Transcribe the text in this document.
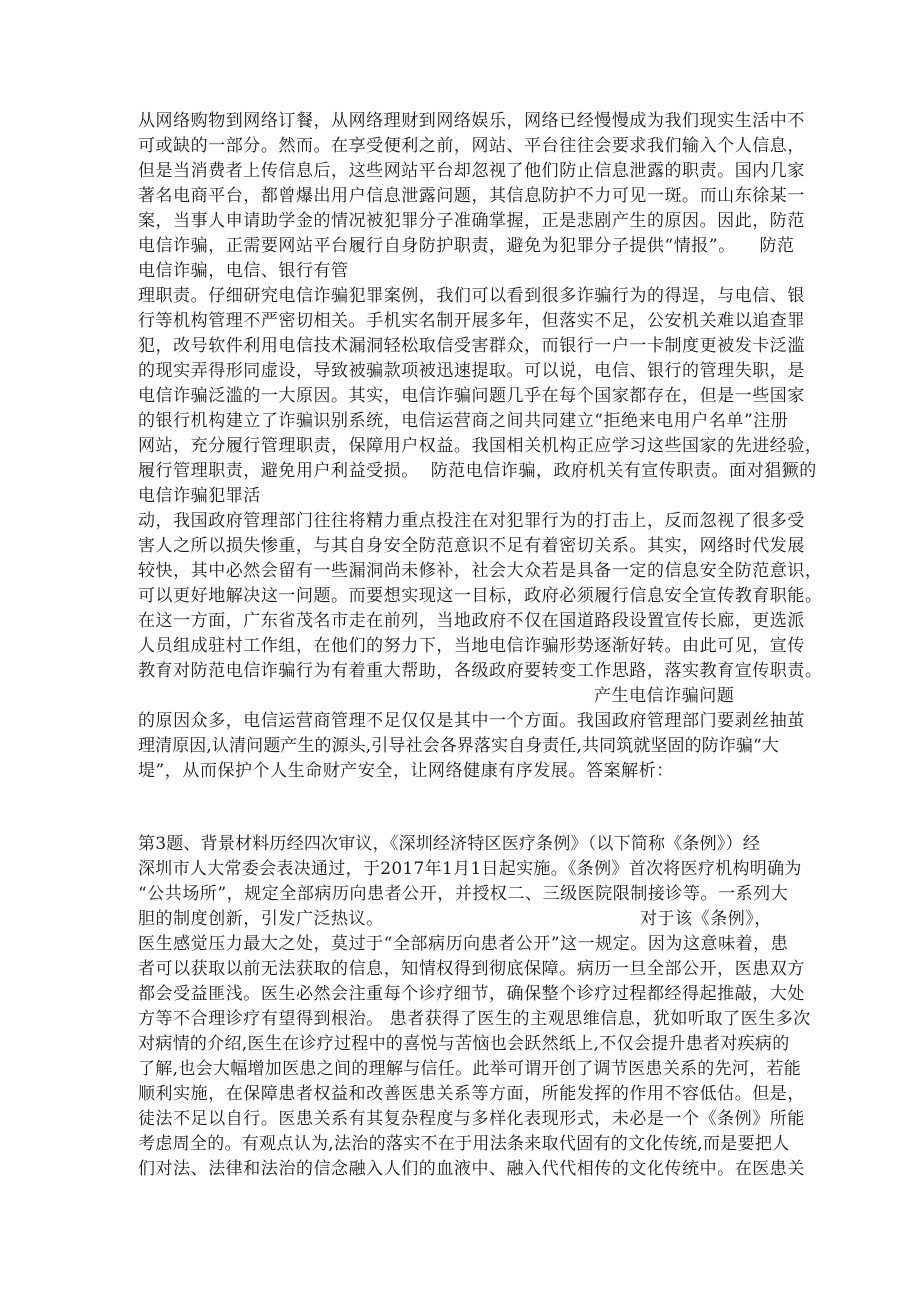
从网络购物到网络订餐，从网络理财到网络娱乐，网络已经慢慢成为我们现实生活中不
可或缺的一部分。然而。在享受便利之前，网站、平台往往会要求我们输入个人信息，
但是当消费者上传信息后，这些网站平台却忽视了他们防止信息泄露的职责。国内几家
著名电商平台，都曾爆出用户信息泄露问题，其信息防护不力可见一斑。而山东徐某一
案，当事人申请助学金的情况被犯罪分子准确掌握，正是悲剧产生的原因。因此，防范
电信诈骗，正需要网站平台履行自身防护职责，避免为犯罪分子提供“情报”。    防范
电信诈骗，电信、银行有管
理职责。仔细研究电信诈骗犯罪案例，我们可以看到很多诈骗行为的得逞，与电信、银
行等机构管理不严密切相关。手机实名制开展多年，但落实不足，公安机关难以追查罪
犯，改号软件利用电信技术漏洞轻松取信受害群众，而银行一户一卡制度更被发卡泛滥
的现实弄得形同虚设，导致被骗款项被迅速提取。可以说，电信、银行的管理失职，是
电信诈骗泛滥的一大原因。其实，电信诈骗问题几乎在每个国家都存在，但是一些国家
的银行机构建立了诈骗识别系统，电信运营商之间共同建立“拒绝来电用户名单”注册
网站，充分履行管理职责，保障用户权益。我国相关机构正应学习这些国家的先进经验，
履行管理职责，避免用户利益受损。  防范电信诈骗，政府机关有宣传职责。面对猖獗的
电信诈骗犯罪活
动，我国政府管理部门往往将精力重点投注在对犯罪行为的打击上，反而忽视了很多受
害人之所以损失惨重，与其自身安全防范意识不足有着密切关系。其实，网络时代发展
较快，其中必然会留有一些漏洞尚未修补，社会大众若是具备一定的信息安全防范意识，
可以更好地解决这一问题。而要想实现这一目标，政府必须履行信息安全宣传教育职能。
在这一方面，广东省茂名市走在前列，当地政府不仅在国道路段设置宣传长廊，更选派
人员组成驻村工作组，在他们的努力下，当地电信诈骗形势逐渐好转。由此可见，宣传
教育对防范电信诈骗行为有着重大帮助，各级政府要转变工作思路，落实教育宣传职责。
产生电信诈骗问题
的原因众多，电信运营商管理不足仅仅是其中一个方面。我国政府管理部门要剥丝抽茧
理清原因,认清问题产生的源头,引导社会各界落实自身责任,共同筑就坚固的防诈骗“大
堤”，从而保护个人生命财产安全，让网络健康有序发展。答案解析：
第3题、背景材料历经四次审议，《深圳经济特区医疗条例》（以下简称《条例》）经
深圳市人大常委会表决通过，于2017年1月1日起实施。《条例》首次将医疗机构明确为
“公共场所”，规定全部病历向患者公开，并授权二、三级医院限制接诊等。一系列大
胆的制度创新，引发广泛热议。	对于该《条例》，
医生感觉压力最大之处，莫过于“全部病历向患者公开”这一规定。因为这意味着，患
者可以获取以前无法获取的信息，知情权得到彻底保障。病历一旦全部公开，医患双方
都会受益匪浅。医生必然会注重每个诊疗细节，确保整个诊疗过程都经得起推敲，大处
方等不合理诊疗有望得到根治。 患者获得了医生的主观思维信息，犹如听取了医生多次
对病情的介绍,医生在诊疗过程中的喜悦与苦恼也会跃然纸上,不仅会提升患者对疾病的
了解,也会大幅增加医患之间的理解与信任。此举可谓开创了调节医患关系的先河，若能
顺利实施，在保障患者权益和改善医患关系等方面，所能发挥的作用不容低估。但是，
徒法不足以自行。医患关系有其复杂程度与多样化表现形式，未必是一个《条例》所能
考虑周全的。有观点认为,法治的落实不在于用法条来取代固有的文化传统,而是要把人
们对法、法律和法治的信念融入人们的血液中、融入代代相传的文化传统中。在医患关
